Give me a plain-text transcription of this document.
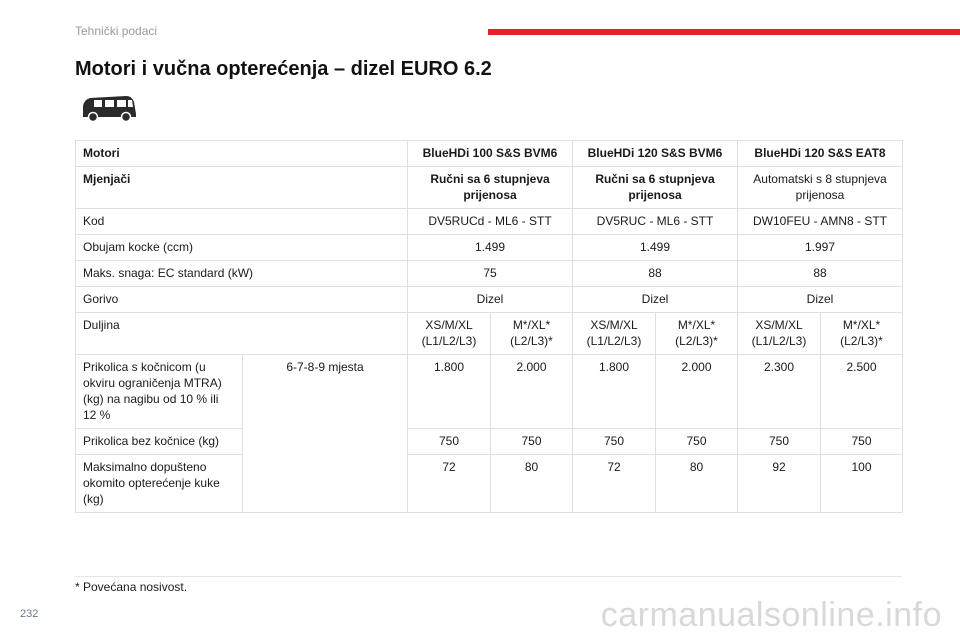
Tehnički podaci
Motori i vučna opterećenja – dizel EURO 6.2
Motori		BlueHDi 100 S&S BVM6		BlueHDi 120 S&S BVM6		BlueHDi 120 S&S EAT8	
Mjenjači		Ručni sa 6 stupnjeva prijenosa		Ručni sa 6 stupnjeva prijenosa		Automatski s 8 stupnjeva prijenosa	
Kod		DV5RUCd - ML6 - STT		DV5RUC - ML6 - STT		DW10FEU - AMN8 - STT	
Obujam kocke (ccm)		1.499		1.499		1.997	
Maks. snaga: EC standard (kW)		75		88		88	
Gorivo		Dizel		Dizel		Dizel	
Duljina		XS/M/XL (L1/L2/L3)	M*/XL* (L2/L3)*	XS/M/XL (L1/L2/L3)	M*/XL* (L2/L3)*	XS/M/XL (L1/L2/L3)	M*/XL* (L2/L3)*
Prikolica s kočnicom (u okviru ograničenja MTRA) (kg) na nagibu od 10 % ili 12 %	6-7-8-9 mjesta	1.800	2.000	1.800	2.000	2.300	2.500
Prikolica bez kočnice (kg)		750	750	750	750	750	750
Maksimalno dopušteno okomito opterećenje kuke (kg)		72	80	72	80	92	100
* Povećana nosivost.
232	carmanualsonline.info
